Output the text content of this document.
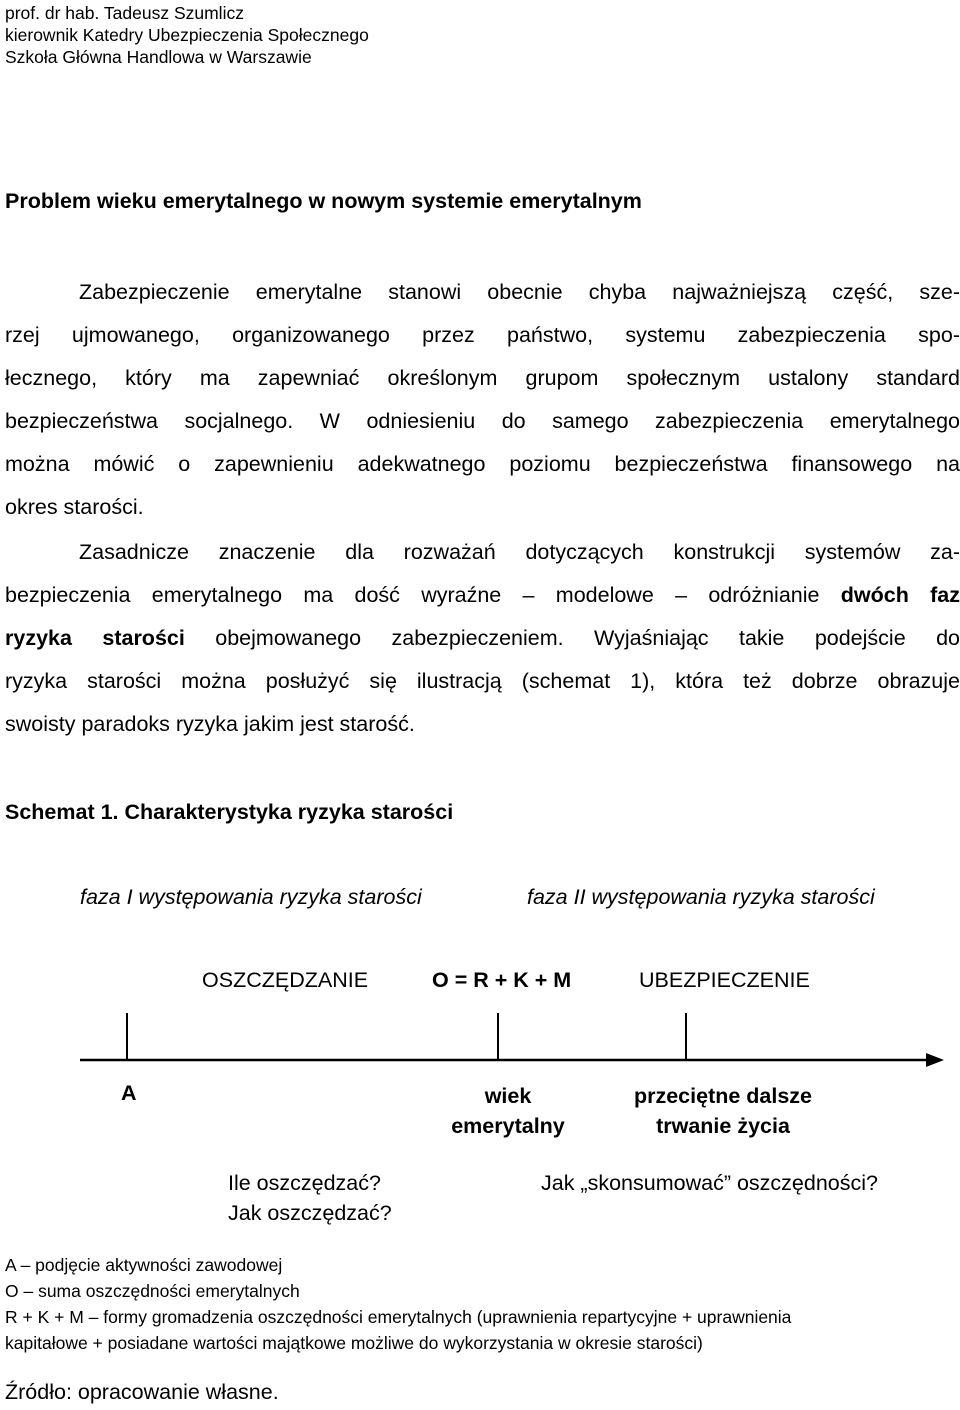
prof. dr hab. Tadeusz Szumlicz
kierownik Katedry Ubezpieczenia Społecznego
Szkoła Główna Handlowa w Warszawie
Problem wieku emerytalnego w nowym systemie emerytalnym
Zabezpieczenie emerytalne stanowi obecnie chyba najważniejszą część, sze-
rzej ujmowanego, organizowanego przez państwo, systemu zabezpieczenia spo-
łecznego, który ma zapewniać określonym grupom społecznym ustalony standard
bezpieczeństwa socjalnego. W odniesieniu do samego zabezpieczenia emerytalnego
można mówić o zapewnieniu adekwatnego poziomu bezpieczeństwa finansowego na
okres starości.
Zasadnicze znaczenie dla rozważań dotyczących konstrukcji systemów za-
bezpieczenia emerytalnego ma dość wyraźne – modelowe – odróżnianie dwóch faz
ryzyka starości obejmowanego zabezpieczeniem. Wyjaśniając takie podejście do
ryzyka starości można posłużyć się ilustracją (schemat 1), która też dobrze obrazuje
swoisty paradoks ryzyka jakim jest starość.
Schemat 1. Charakterystyka ryzyka starości
faza I występowania ryzyka starości	faza II występowania ryzyka starości
OSZCZĘDZANIE	O = R + K + M	UBEZPIECZENIE
A	wiek
emerytalny
przeciętne dalsze
trwanie życia
Ile oszczędzać?
Jak oszczędzać?
Jak „skonsumować” oszczędności?
A – podjęcie aktywności zawodowej
O – suma oszczędności emerytalnych
R + K + M – formy gromadzenia oszczędności emerytalnych (uprawnienia repartycyjne + uprawnienia
kapitałowe + posiadane wartości majątkowe możliwe do wykorzystania w okresie starości)
Źródło: opracowanie własne.
